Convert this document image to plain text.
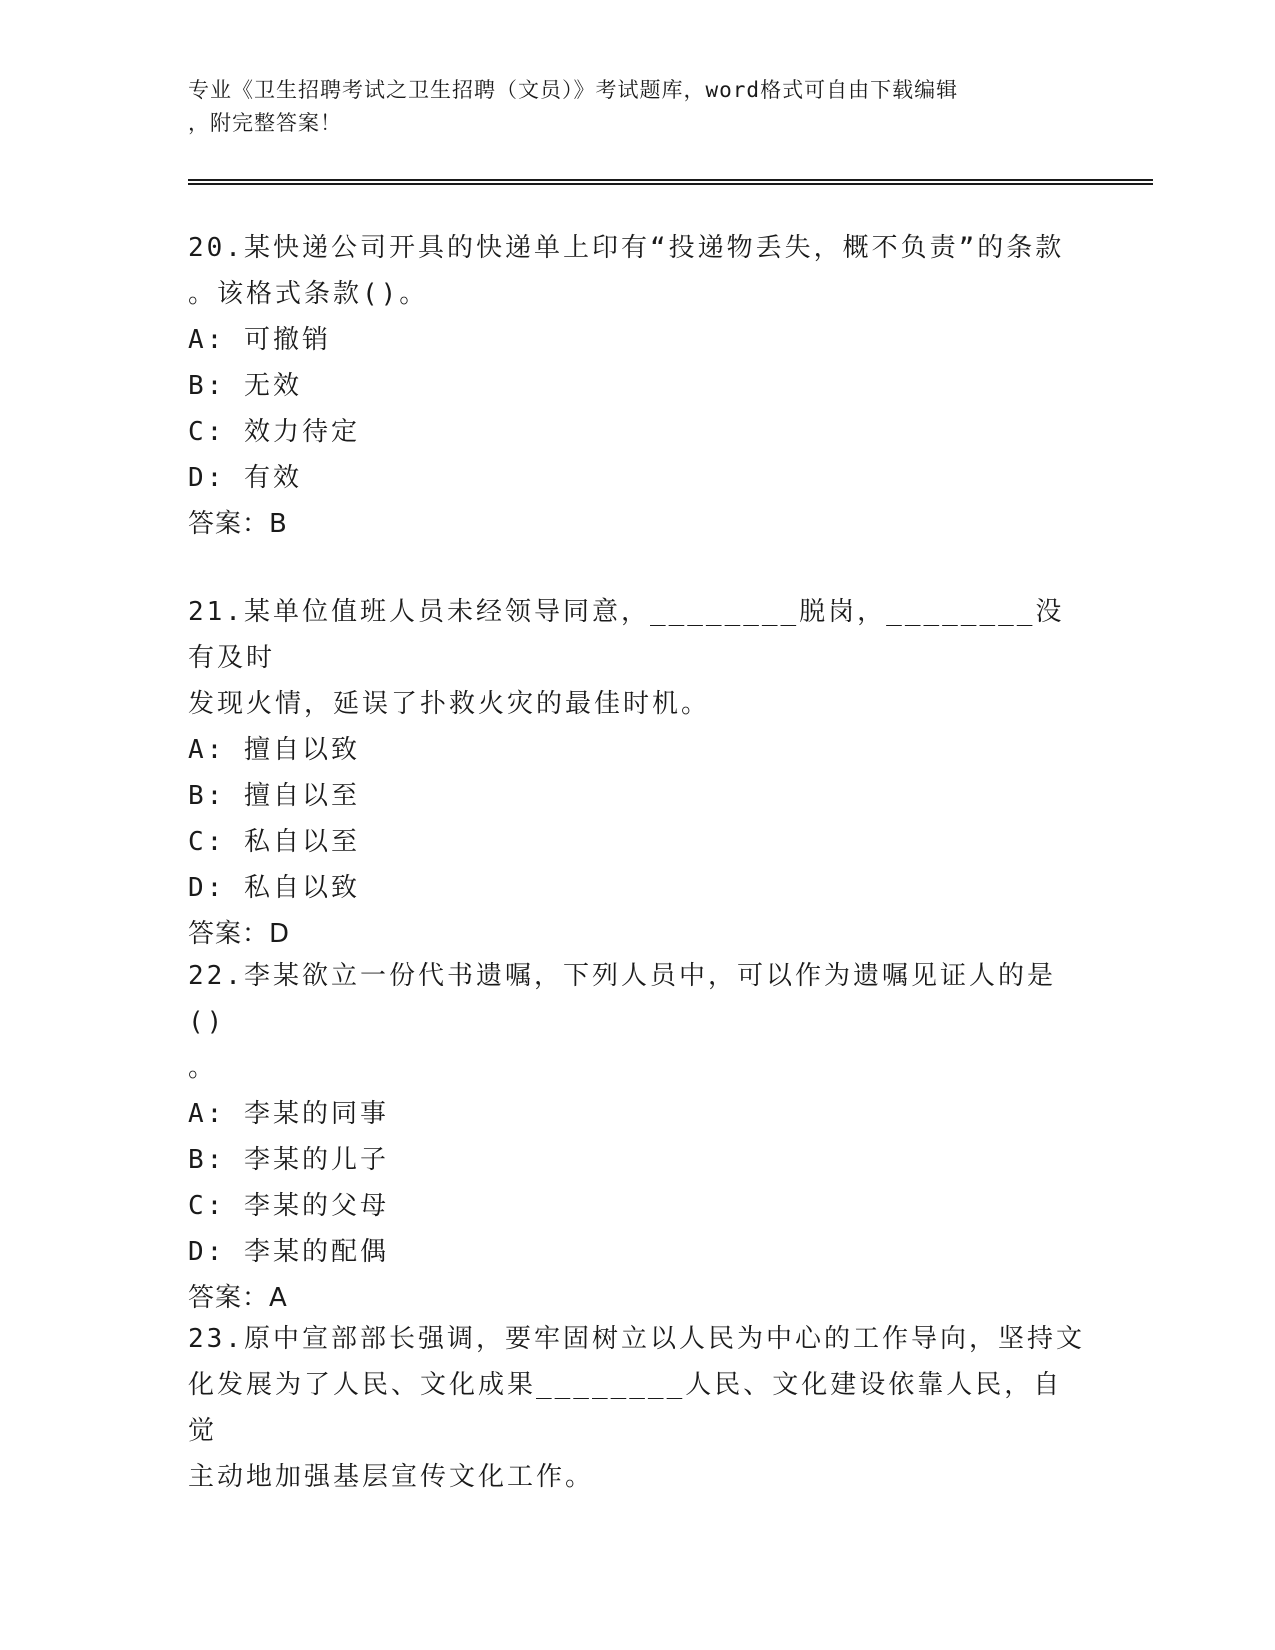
专业《卫生招聘考试之卫生招聘（文员）》考试题库，word格式可自由下载编辑
，附完整答案！
20.某快递公司开具的快递单上印有“投递物丢失，概不负责”的条款
。该格式条款()。
A: 可撤销
B: 无效
C: 效力待定
D: 有效
答案：B
21.某单位值班人员未经领导同意，________脱岗，________没有及时
发现火情，延误了扑救火灾的最佳时机。
A: 擅自以致
B: 擅自以至
C: 私自以至
D: 私自以致
答案：D
22.李某欲立一份代书遗嘱，下列人员中，可以作为遗嘱见证人的是()
。
A: 李某的同事
B: 李某的儿子
C: 李某的父母
D: 李某的配偶
答案：A
23.原中宣部部长强调，要牢固树立以人民为中心的工作导向，坚持文
化发展为了人民、文化成果________人民、文化建设依靠人民，自觉
主动地加强基层宣传文化工作。
